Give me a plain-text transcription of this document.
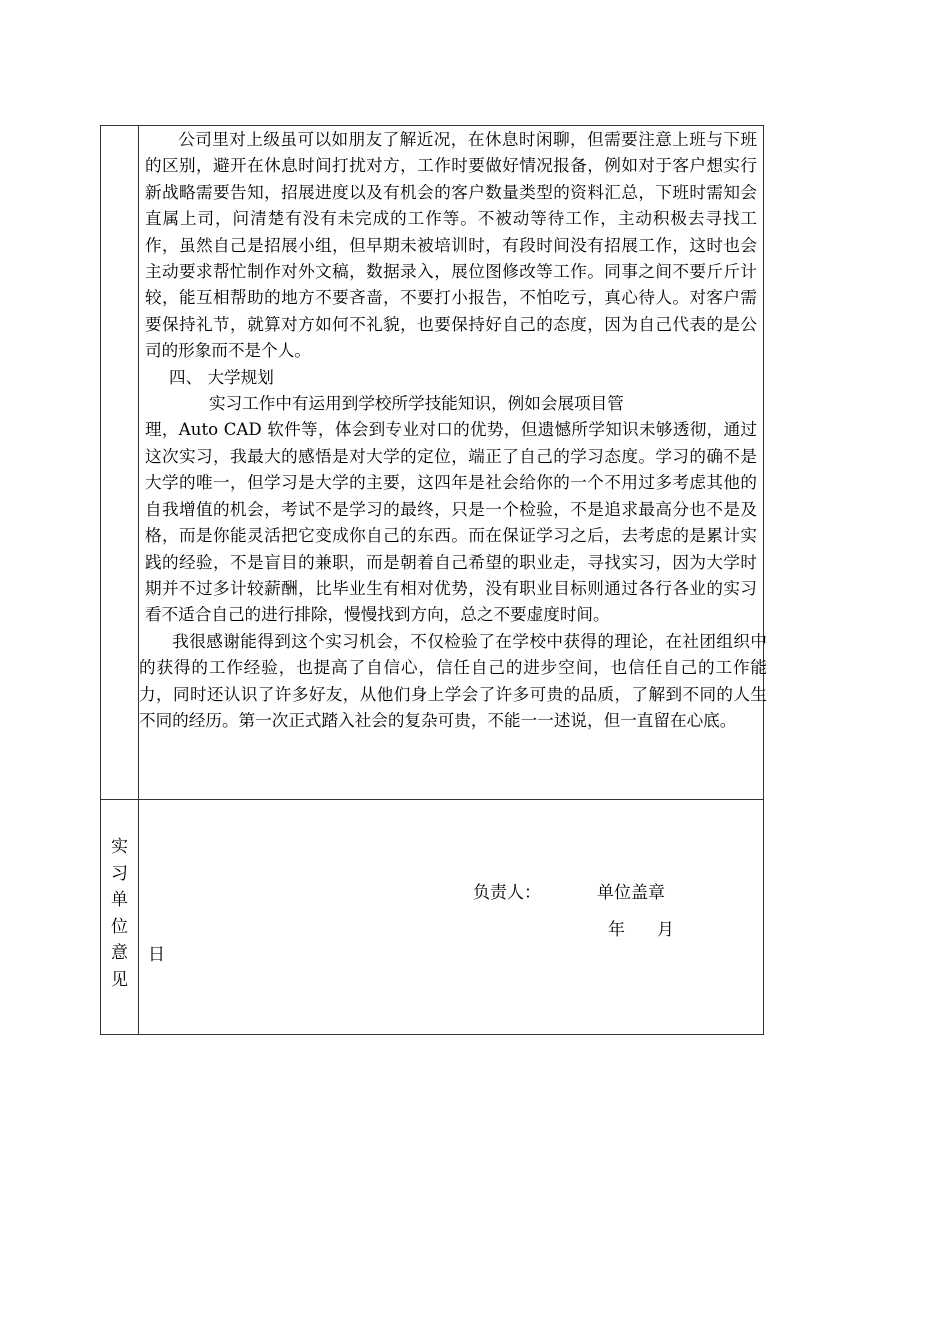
公司里对上级虽可以如朋友了解近况，在休息时闲聊，但需要注意上班与下班的区别，避开在休息时间打扰对方，工作时要做好情况报备，例如对于客户想实行新战略需要告知，招展进度以及有机会的客户数量类型的资料汇总，下班时需知会直属上司，问清楚有没有未完成的工作等。不被动等待工作，主动积极去寻找工作，虽然自己是招展小组，但早期未被培训时，有段时间没有招展工作，这时也会主动要求帮忙制作对外文稿，数据录入，展位图修改等工作。同事之间不要斤斤计较，能互相帮助的地方不要吝啬，不要打小报告，不怕吃亏，真心待人。对客户需要保持礼节，就算对方如何不礼貌，也要保持好自己的态度，因为自己代表的是公司的形象而不是个人。

四、 大学规划

实习工作中有运用到学校所学技能知识，例如会展项目管

理，Auto CAD 软件等，体会到专业对口的优势，但遗憾所学知识未够透彻，通过这次实习，我最大的感悟是对大学的定位，端正了自己的学习态度。学习的确不是大学的唯一，但学习是大学的主要，这四年是社会给你的一个不用过多考虑其他的自我增值的机会，考试不是学习的最终，只是一个检验，不是追求最高分也不是及格，而是你能灵活把它变成你自己的东西。而在保证学习之后，去考虑的是累计实践的经验，不是盲目的兼职，而是朝着自己希望的职业走，寻找实习，因为大学时期并不过多计较薪酬，比毕业生有相对优势，没有职业目标则通过各行各业的实习看不适合自己的进行排除，慢慢找到方向，总之不要虚度时间。

我很感谢能得到这个实习机会，不仅检验了在学校中获得的理论，在社团组织中的获得的工作经验，也提高了自信心，信任自己的进步空间，也信任自己的工作能力，同时还认识了许多好友，从他们身上学会了许多可贵的品质，了解到不同的人生不同的经历。第一次正式踏入社会的复杂可贵，不能一一述说，但一直留在心底。

实
习
单
位
意
见
负责人：	单位盖章
年 月
日
